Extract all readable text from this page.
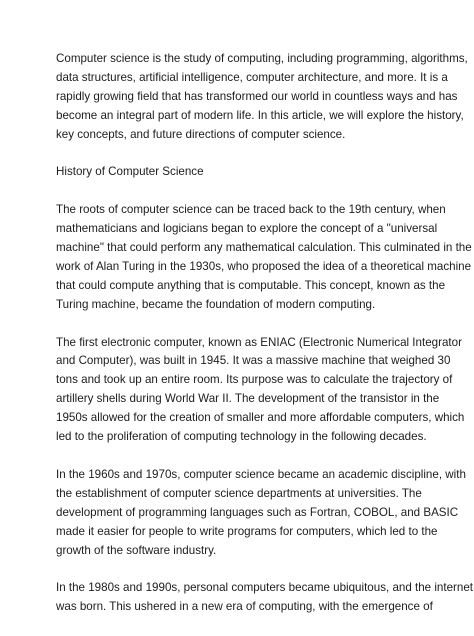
Computer science is the study of computing, including programming, algorithms,
data structures, artificial intelligence, computer architecture, and more. It is a
rapidly growing field that has transformed our world in countless ways and has
become an integral part of modern life. In this article, we will explore the history,
key concepts, and future directions of computer science.
History of Computer Science
The roots of computer science can be traced back to the 19th century, when
mathematicians and logicians began to explore the concept of a "universal
machine" that could perform any mathematical calculation. This culminated in the
work of Alan Turing in the 1930s, who proposed the idea of a theoretical machine
that could compute anything that is computable. This concept, known as the
Turing machine, became the foundation of modern computing.
The first electronic computer, known as ENIAC (Electronic Numerical Integrator
and Computer), was built in 1945. It was a massive machine that weighed 30
tons and took up an entire room. Its purpose was to calculate the trajectory of
artillery shells during World War II. The development of the transistor in the
1950s allowed for the creation of smaller and more affordable computers, which
led to the proliferation of computing technology in the following decades.
In the 1960s and 1970s, computer science became an academic discipline, with
the establishment of computer science departments at universities. The
development of programming languages such as Fortran, COBOL, and BASIC
made it easier for people to write programs for computers, which led to the
growth of the software industry.
In the 1980s and 1990s, personal computers became ubiquitous, and the internet
was born. This ushered in a new era of computing, with the emergence of
